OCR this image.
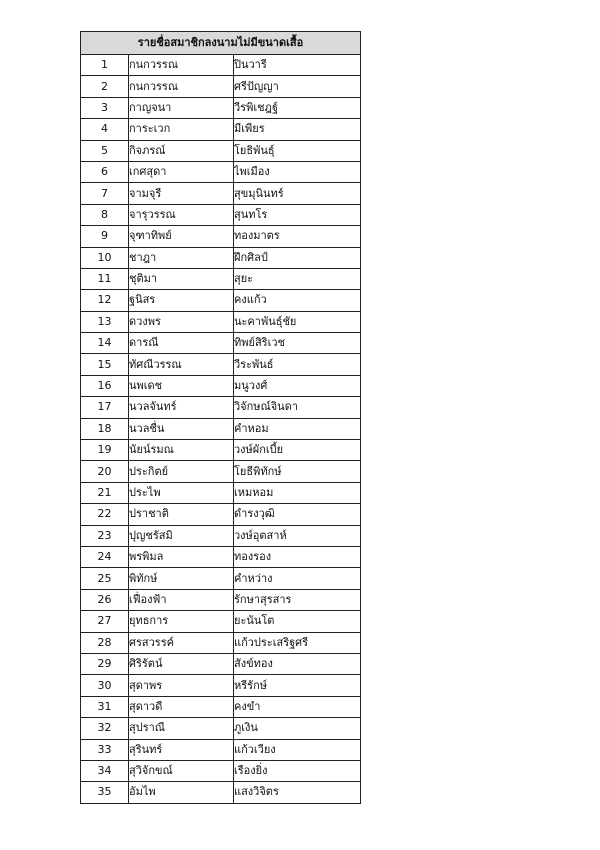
รายชื่อสมาชิกลงนามไม่มีขนาดเสื้อ		
1	กนกวรรณ	ปินวารี
2	กนกวรรณ	ศรีปัญญา
3	กาญจนา	วีรพิเชฎฐ์
4	การะเวก	มีเพียร
5	กิจภรณ์	โยธิพันธุ์
6	เกศสุดา	ไพเมือง
7	จามจุรี	สุขมุนินทร์
8	จารุวรรณ	สุนทโร
9	จุฑาทิพย์	ทองมาตร
10	ชาฎา	ฝึกศิลป์
11	ชุติมา	สุยะ
12	ฐนิสร	คงแก้ว
13	ดวงพร	นะคาพันธุ์ชัย
14	ดารณี	ทิพย์สิริเวช
15	ทัศณีวรรณ	วีระพันธ์
16	นพเดช	มนูวงศ์
17	นวลจันทร์	วิจักษณ์จินดา
18	นวลชื่น	คำหอม
19	นัยน์รมณ	วงษ์ผักเบี้ย
20	ประกิตย์	โยธีพิทักษ์
21	ประไพ	เหมหอม
22	ปราชาติ	ดำรงวุฒิ
23	ปุญชรัสมิ	วงษ์อุตสาห์
24	พรพิมล	ทองรอง
25	พิทักษ์	คำหว่าง
26	เฟื่องฟ้า	รักษาสุรสาร
27	ยุทธการ	ยะนันโต
28	ศรสวรรค์	แก้วประเสริฐศรี
29	ศิริรัตน์	สังข์ทอง
30	สุดาพร	หรีรักษ์
31	สุดาวดี	คงขำ
32	สุปราณี	ภูเงิน
33	สุรินทร์	แก้วเวียง
34	สุวิจักขณ์	เรืองยิ่ง
35	อัมไพ	แสงวิจิตร
